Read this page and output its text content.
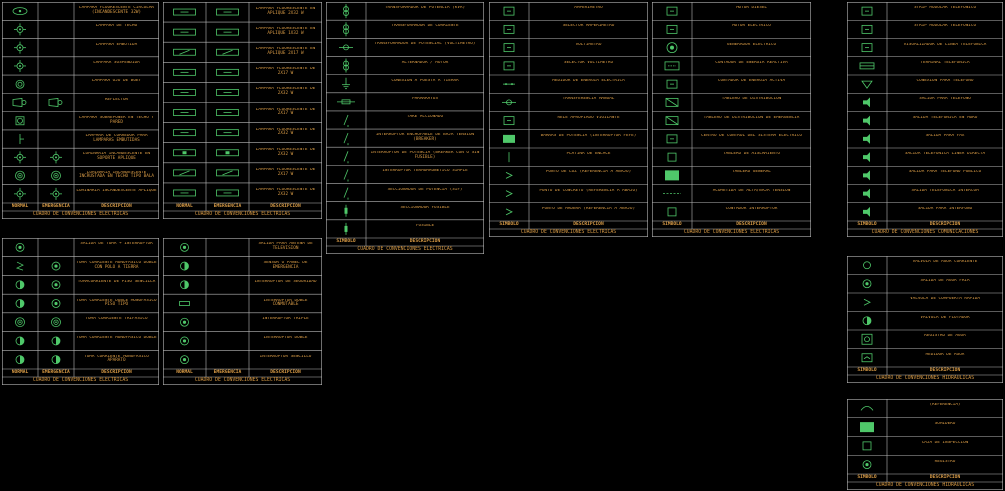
LAMPARA FLUORESCENTE CIRCULAR (INCANDESCENTE 32W)
LAMPARA DE TECHO
LAMPARA EMBUTIDA
LAMPARA SUSPENDIDA
LAMPARA OJO DE BUEY
REFLECTOR
LAMPARA SOBREPONER EN TECHO Y PARED
LAMPARA DE CORREDOR PARA LAMPARAS EMBUTIDAS
LUMINARIA INCANDESCENTE EN SOPORTE APLIQUE
LUMINARIA INCANDESCENTE INCRUSTADA EN TECHO TIPO BALA
LUMINARIA INCANDESCENTE APLIQUE
NORMAL	EMERGENCIA	DESCRIPCION
CUADRO DE CONVENCIONES ELECTRICAS
LAMPARA FLUORESCENTE EN APLIQUE 2X32 W
LAMPARA FLUORESCENTE EN APLIQUE 1X32 W
LAMPARA FLUORESCENTE EN APLIQUE 2X17 W
LAMPARA FLUORESCENTE DE 2X17 W
LAMPARA FLUORESCENTE DE 2X32 W
LAMPARA FLUORESCENTE DE 2X17 W
LAMPARA FLUORESCENTE DE 2X32 W
LAMPARA FLUORESCENTE DE 2X32 W
LAMPARA FLUORESCENTE DE 2X17 W
LAMPARA FLUORESCENTE DE 2X32 W
NORMAL	EMERGENCIA	DESCRIPCION
CUADRO DE CONVENCIONES ELECTRICAS
TRANSFORMADOR DE POTENCIA (KVA)
TRANSFORMADOR DE CORRIENTE
TRANSFORMADOR DE POTENCIAL (VOLTIMETRO)
ALTERNADOR / MOTOR
CONEXION A PUESTA A TIERRA
PARARRAYOS
TAKE ACCIONADO
INTERRUPTOR ENCHUFABLE DE BAJA TENSION (BREAKER)
INTERRUPTOR DE POTENCIA (BREAKER CON O SIN FUSIBLE)
INTERRUPTOR TERMOMAGNETICO SIMPLE
SECCIONADOR DE POTENCIA (SIF)
SECCIONADOR FUSIBLE
FUSIBLE
SIMBOLO	DESCRIPCION
CUADRO DE CONVENCIONES ELECTRICAS
AMPERIMETRO
SELECTOR AMPERIMETRO
VOLTIMETRO
SELECTOR VOLTIMETRO
MEDIDOR DE ENERGIA ELECTRICA
TRANSFERENCIA MANUAL
RELE APROPIADO VIGILANTE
BARRAS DE POTENCIA (INTERRUPTOR FEFE)
PLATINA DE ENLACE
PUNTO DE LUZ (REFERENCIA A ABAJO)
PUNTO DE CONCRETO (REFERENCIA A ABAJO)
PUNTO DE MADERA (REFERENCIA A ABAJO)
SIMBOLO	DESCRIPCION
CUADRO DE CONVENCIONES ELECTRICAS
MOTOR DIESEL
MOTOR ELECTRICO
GENERADOR ELECTRICO
CONTADOR DE ENERGIA REACTIVA
CONTADOR DE ENERGIA ACTIVA
TABLERO DE DISTRIBUCION
TABLERO DE DISTRIBUCION DE EMERGENCIA
CENTRO DE CONTROL DEL SISTEMA ELECTRICO
TABLERO DE AISLAMIENTO
TABLERO GENERAL
ACOMETIDA DE ALTA/BAJA TENSION
CONTADOR INTERRUPTOR
SIMBOLO	DESCRIPCION
CUADRO DE CONVENCIONES ELECTRICAS
STRIP MODULAR TELEFONICO
STRIP MODULAR TELEFONICO
VISUALIZADOR DE LINEA TELEFONICA
TERMINAL TELEFONICA
CONEXION PARA TELEFONO
SALIDA PARA TELEFONO
SALIDA TELEFONICA EN MURO
SALIDA PARA FAX
SALIDA TELEFONICA LINEA DIRECTA
SALIDA PARA TELEFONO PUBLICO
SALIDA TELEFONICA INTERCOM
SALIDA PARA INTERFONO
SIMBOLO	DESCRIPCION
CUADRO DE CONVENCIONES COMUNICACIONES
SALIDA DE TOMA + INTERRUPTOR
TOMA CORRIENTE MONOFASICO DOBLE CON POLO A TIERRA
TOMACORRIENTE DE PISO SENCILLA
TOMA CORRIENTE DOBLE MONOFASICO PISO TIPO
TOMA CORRIENTE TRIFASICO
TOMA CORRIENTE MONOFASICO DOBLE
TOMA CORRIENTE MONOFASICO APARATO
NORMAL	EMERGENCIA	DESCRIPCION
CUADRO DE CONVENCIONES ELECTRICAS
SALIDA PARA ANTENA DE TELEVISION
SENSOR O PANEL DE EMERGENCIA
INTERRUPTOR DE SEGURIDAD
INTERRUPTOR DOBLE CONMUTABLE
INTERRUPTOR TRIPLE
INTERRUPTOR DOBLE
INTERRUPTOR SENCILLO
NORMAL	EMERGENCIA	DESCRIPCION
CUADRO DE CONVENCIONES ELECTRICAS
VALVULA DE AGUA CORRIENTE
SALIDA DE AGUA FRIA
VALVULA DE COMPUERTA RAPIDA
VALVULA DE FLOTADOR
REGISTRO DE AGUA
MEDIDOR DE AGUA
SIMBOLO	DESCRIPCION
CUADRO DE CONVENCIONES HIDRAULICAS
(REFERENCIA)
SUMIDERO
CAJA DE INSPECCION
REGISTRO
SIMBOLO	DESCRIPCION
CUADRO DE CONVENCIONES HIDRAULICAS
